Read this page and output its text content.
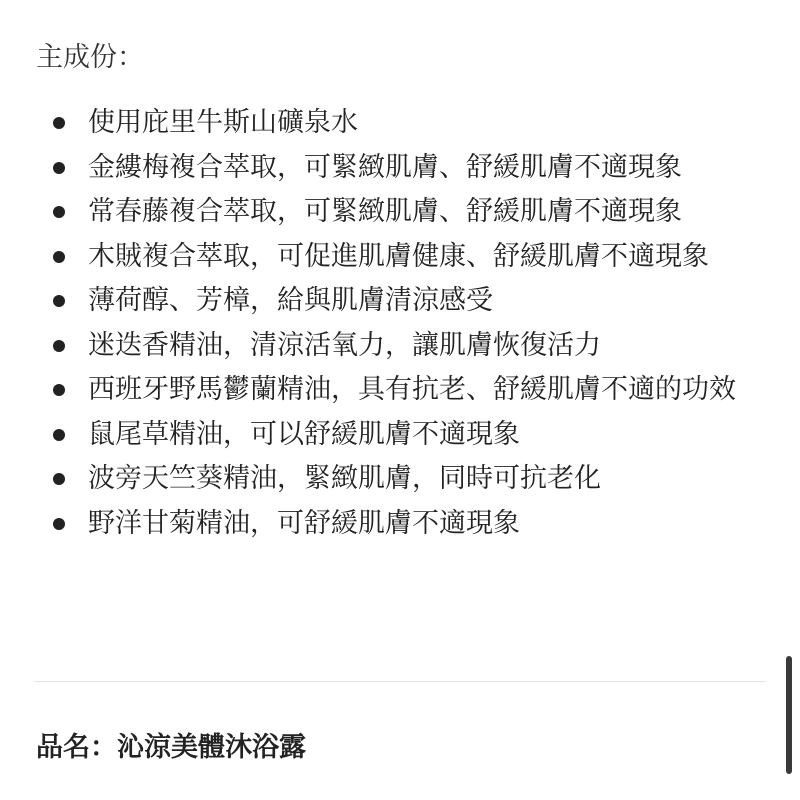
主成份：
使用庇里牛斯山礦泉水
金縷梅複合萃取，可緊緻肌膚、舒緩肌膚不適現象
常春藤複合萃取，可緊緻肌膚、舒緩肌膚不適現象
木賊複合萃取，可促進肌膚健康、舒緩肌膚不適現象
薄荷醇、芳樟，給與肌膚清涼感受
迷迭香精油，清涼活氧力，讓肌膚恢復活力
西班牙野馬鬱蘭精油，具有抗老、舒緩肌膚不適的功效
鼠尾草精油，可以舒緩肌膚不適現象
波旁天竺葵精油，緊緻肌膚，同時可抗老化
野洋甘菊精油，可舒緩肌膚不適現象

品名：沁涼美體沐浴露
